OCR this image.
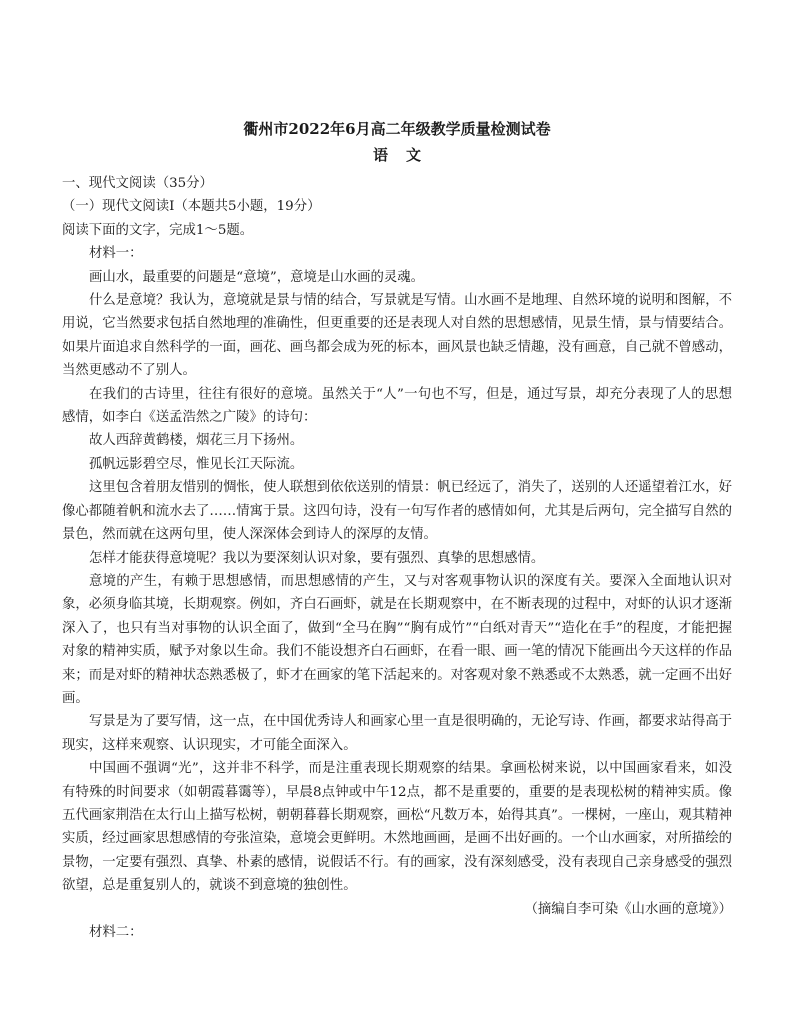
衢州市2022年6月高二年级教学质量检测试卷
语文

一、现代文阅读（35分）

（一）现代文阅读Ⅰ（本题共5小题，19分）

阅读下面的文字，完成1～5题。

材料一：

画山水，最重要的问题是“意境”，意境是山水画的灵魂。

什么是意境？我认为，意境就是景与情的结合，写景就是写情。山水画不是地理、自然环境的说明和图解，不用说，它当然要求包括自然地理的准确性，但更重要的还是表现人对自然的思想感情，见景生情，景与情要结合。如果片面追求自然科学的一面，画花、画鸟都会成为死的标本，画风景也缺乏情趣，没有画意，自己就不曾感动，当然更感动不了别人。

在我们的古诗里，往往有很好的意境。虽然关于“人”一句也不写，但是，通过写景，却充分表现了人的思想感情，如李白《送孟浩然之广陵》的诗句：

故人西辞黄鹤楼，烟花三月下扬州。

孤帆远影碧空尽，惟见长江天际流。

这里包含着朋友惜别的惆怅，使人联想到依依送别的情景：帆已经远了，消失了，送别的人还遥望着江水，好像心都随着帆和流水去了……情寓于景。这四句诗，没有一句写作者的感情如何，尤其是后两句，完全描写自然的景色，然而就在这两句里，使人深深体会到诗人的深厚的友情。

怎样才能获得意境呢？我以为要深刻认识对象，要有强烈、真挚的思想感情。

意境的产生，有赖于思想感情，而思想感情的产生，又与对客观事物认识的深度有关。要深入全面地认识对象，必须身临其境，长期观察。例如，齐白石画虾，就是在长期观察中，在不断表现的过程中，对虾的认识才逐渐深入了，也只有当对事物的认识全面了，做到“全马在胸”“胸有成竹”“白纸对青天”“造化在手”的程度，才能把握对象的精神实质，赋予对象以生命。我们不能设想齐白石画虾，在看一眼、画一笔的情况下能画出今天这样的作品来；而是对虾的精神状态熟悉极了，虾才在画家的笔下活起来的。对客观对象不熟悉或不太熟悉，就一定画不出好画。

写景是为了要写情，这一点，在中国优秀诗人和画家心里一直是很明确的，无论写诗、作画，都要求站得高于现实，这样来观察、认识现实，才可能全面深入。

中国画不强调“光”，这并非不科学，而是注重表现长期观察的结果。拿画松树来说，以中国画家看来，如没有特殊的时间要求（如朝霞暮霭等），早晨8点钟或中午12点，都不是重要的，重要的是表现松树的精神实质。像五代画家荆浩在太行山上描写松树，朝朝暮暮长期观察，画松“凡数万本，始得其真”。一棵树，一座山，观其精神实质，经过画家思想感情的夸张渲染，意境会更鲜明。木然地画画，是画不出好画的。一个山水画家，对所描绘的景物，一定要有强烈、真挚、朴素的感情，说假话不行。有的画家，没有深刻感受，没有表现自己亲身感受的强烈欲望，总是重复别人的，就谈不到意境的独创性。

（摘编自李可染《山水画的意境》）

材料二：
